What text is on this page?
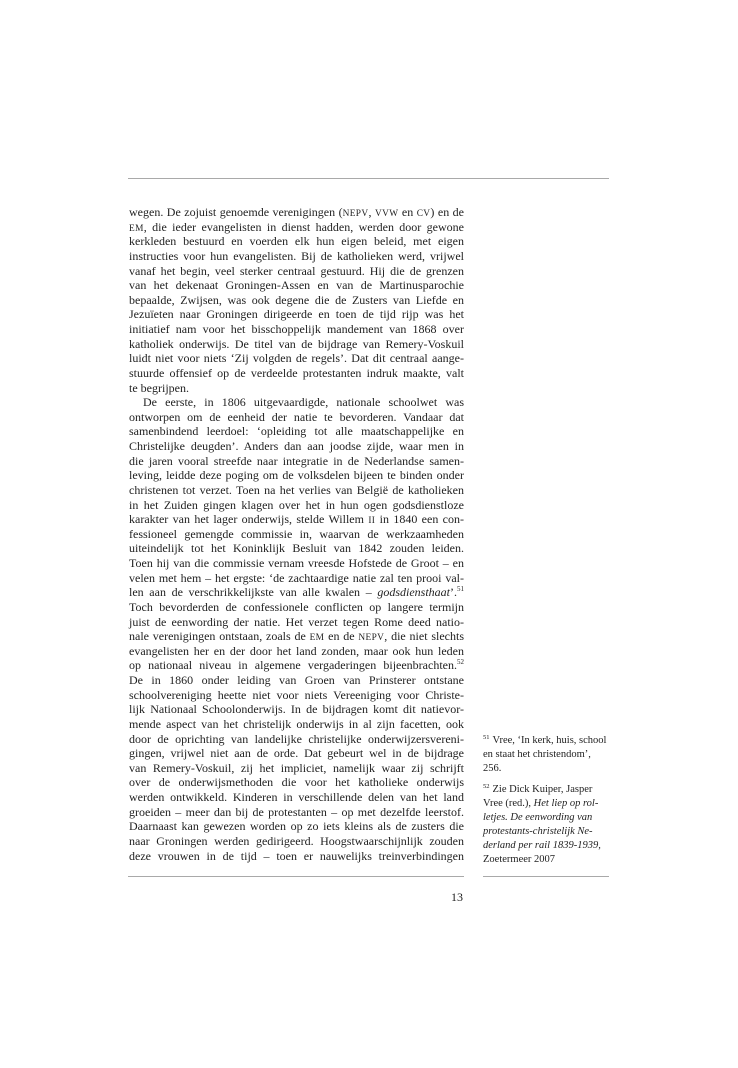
wegen. De zojuist genoemde verenigingen (NEPV, VVW en CV) en de
EM, die ieder evangelisten in dienst hadden, werden door gewone
kerkleden bestuurd en voerden elk hun eigen beleid, met eigen
instructies voor hun evangelisten. Bij de katholieken werd, vrijwel
vanaf het begin, veel sterker centraal gestuurd. Hij die de grenzen
van het dekenaat Groningen-Assen en van de Martinusparochie
bepaalde, Zwijsen, was ook degene die de Zusters van Liefde en
Jezuïeten naar Groningen dirigeerde en toen de tijd rijp was het
initiatief nam voor het bisschoppelijk mandement van 1868 over
katholiek onderwijs. De titel van de bijdrage van Remery-Voskuil
luidt niet voor niets ‘Zij volgden de regels’. Dat dit centraal aange-
stuurde offensief op de verdeelde protestanten indruk maakte, valt
te begrijpen.
De eerste, in 1806 uitgevaardigde, nationale schoolwet was
ontworpen om de eenheid der natie te bevorderen. Vandaar dat
samenbindend leerdoel: ‘opleiding tot alle maatschappelijke en
Christelijke deugden’. Anders dan aan joodse zijde, waar men in
die jaren vooral streefde naar integratie in de Nederlandse samen-
leving, leidde deze poging om de volksdelen bijeen te binden onder
christenen tot verzet. Toen na het verlies van België de katholieken
in het Zuiden gingen klagen over het in hun ogen godsdienstloze
karakter van het lager onderwijs, stelde Willem II in 1840 een con-
fessioneel gemengde commissie in, waarvan de werkzaamheden
uiteindelijk tot het Koninklijk Besluit van 1842 zouden leiden.
Toen hij van die commissie vernam vreesde Hofstede de Groot – en
velen met hem – het ergste: ‘de zachtaardige natie zal ten prooi val-
len aan de verschrikkelijkste van alle kwalen – godsdiensthaat’.$^{51}$
Toch bevorderden de confessionele conflicten op langere termijn
juist de eenwording der natie. Het verzet tegen Rome deed natio-
nale verenigingen ontstaan, zoals de EM en de NEPV, die niet slechts
evangelisten her en der door het land zonden, maar ook hun leden
op nationaal niveau in algemene vergaderingen bijeenbrachten.$^{52}$
De in 1860 onder leiding van Groen van Prinsterer ontstane
schoolvereniging heette niet voor niets Vereeniging voor Christe-
lijk Nationaal Schoolonderwijs. In de bijdragen komt dit natievor-
mende aspect van het christelijk onderwijs in al zijn facetten, ook
door de oprichting van landelijke christelijke onderwijzersvereni-
gingen, vrijwel niet aan de orde. Dat gebeurt wel in de bijdrage
van Remery-Voskuil, zij het impliciet, namelijk waar zij schrijft
over de onderwijsmethoden die voor het katholieke onderwijs
werden ontwikkeld. Kinderen in verschillende delen van het land
groeiden – meer dan bij de protestanten – op met dezelfde leerstof.
Daarnaast kan gewezen worden op zo iets kleins als de zusters die
naar Groningen werden gedirigeerd. Hoogstwaarschijnlijk zouden
deze vrouwen in de tijd – toen er nauwelijks treinverbindingen
$^{51}$ Vree, ‘In kerk, huis, school
en staat het christendom’,
256.
$^{52}$ Zie Dick Kuiper, Jasper
Vree (red.), Het liep op rol-
letjes. De eenwording van
protestants-christelijk Ne-
derland per rail 1839-1939,
Zoetermeer 2007
13
